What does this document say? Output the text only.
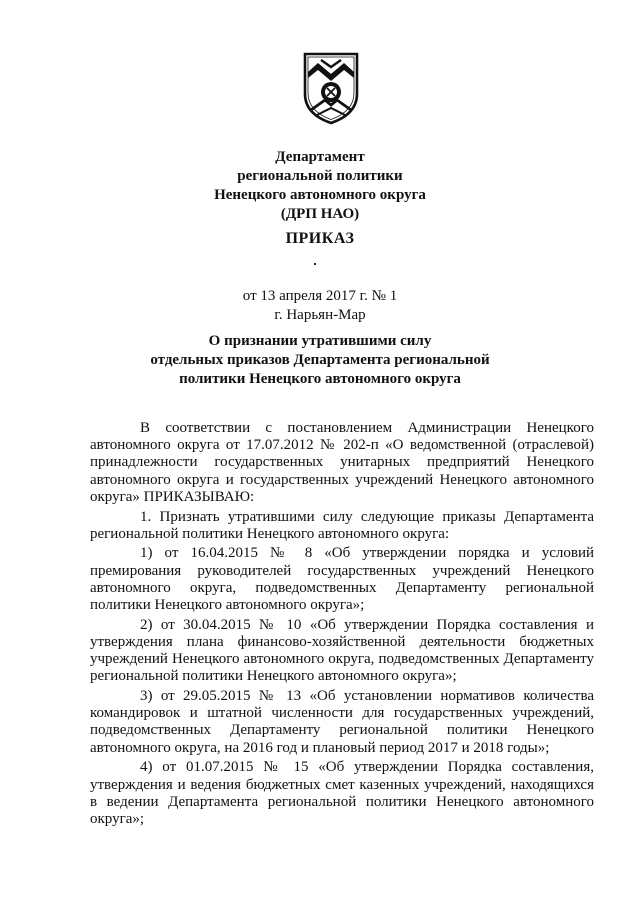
Департамент
региональной политики
Ненецкого автономного округа
(ДРП НАО)
ПРИКАЗ
от 13 апреля 2017 г. № 1
г. Нарьян-Мар
О признании утратившими силу
отдельных приказов Департамента региональной
политики Ненецкого автономного округа

В соответствии с постановлением Администрации Ненецкого автономного округа от 17.07.2012 № 202-п «О ведомственной (отраслевой) принадлежности государственных унитарных предприятий Ненецкого автономного округа и государственных учреждений Ненецкого автономного округа» ПРИКАЗЫВАЮ:

1. Признать утратившими силу следующие приказы Департамента региональной политики Ненецкого автономного округа:

1) от 16.04.2015 № 8 «Об утверждении порядка и условий премирования руководителей государственных учреждений Ненецкого автономного округа, подведомственных Департаменту региональной политики Ненецкого автономного округа»;

2) от 30.04.2015 № 10 «Об утверждении Порядка составления и утверждения плана финансово-хозяйственной деятельности бюджетных учреждений Ненецкого автономного округа, подведомственных Департаменту региональной политики Ненецкого автономного округа»;

3) от 29.05.2015 № 13 «Об установлении нормативов количества командировок и штатной численности для государственных учреждений, подведомственных Департаменту региональной политики Ненецкого автономного округа, на 2016 год и плановый период 2017 и 2018 годы»;

4) от 01.07.2015 № 15 «Об утверждении Порядка составления, утверждения и ведения бюджетных смет казенных учреждений, находящихся в ведении Департамента региональной политики Ненецкого автономного округа»;
